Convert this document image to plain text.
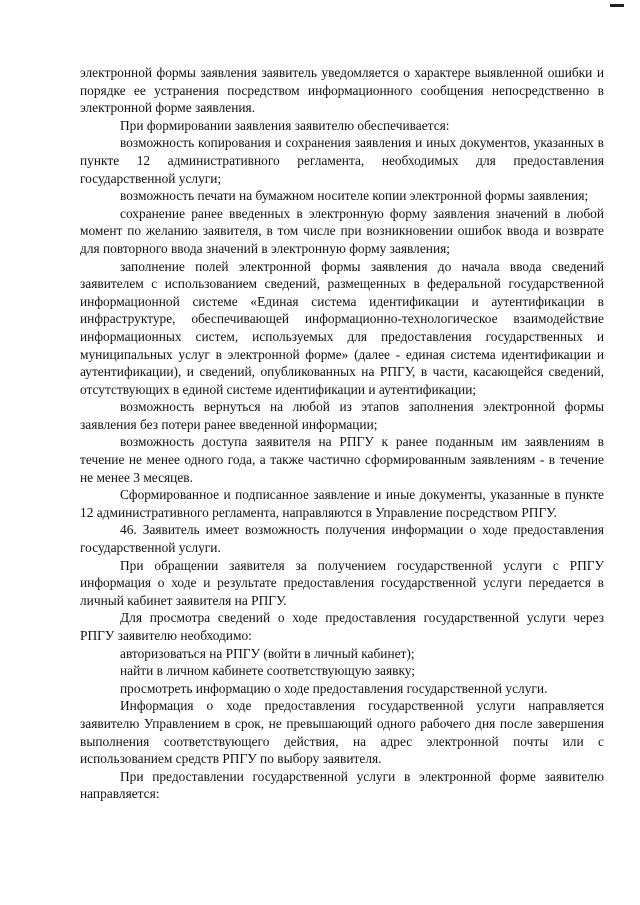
электронной формы заявления заявитель уведомляется о характере выявленной ошибки и порядке ее устранения посредством информационного сообщения непосредственно в электронной форме заявления.

При формировании заявления заявителю обеспечивается:

возможность копирования и сохранения заявления и иных документов, указанных в пункте 12 административного регламента, необходимых для предоставления государственной услуги;

возможность печати на бумажном носителе копии электронной формы заявления;

сохранение ранее введенных в электронную форму заявления значений в любой момент по желанию заявителя, в том числе при возникновении ошибок ввода и возврате для повторного ввода значений в электронную форму заявления;

заполнение полей электронной формы заявления до начала ввода сведений заявителем с использованием сведений, размещенных в федеральной государственной информационной системе «Единая система идентификации и аутентификации в инфраструктуре, обеспечивающей информационно-технологическое взаимодействие информационных систем, используемых для предоставления государственных и муниципальных услуг в электронной форме» (далее - единая система идентификации и аутентификации), и сведений, опубликованных на РПГУ, в части, касающейся сведений, отсутствующих в единой системе идентификации и аутентификации;

возможность вернуться на любой из этапов заполнения электронной формы заявления без потери ранее введенной информации;

возможность доступа заявителя на РПГУ к ранее поданным им заявлениям в течение не менее одного года, а также частично сформированным заявлениям - в течение не менее 3 месяцев.

Сформированное и подписанное заявление и иные документы, указанные в пункте 12 административного регламента, направляются в Управление посредством РПГУ.

46. Заявитель имеет возможность получения информации о ходе предоставления государственной услуги.

При обращении заявителя за получением государственной услуги с РПГУ информация о ходе и результате предоставления государственной услуги передается в личный кабинет заявителя на РПГУ.

Для просмотра сведений о ходе предоставления государственной услуги через РПГУ заявителю необходимо:

авторизоваться на РПГУ (войти в личный кабинет);

найти в личном кабинете соответствующую заявку;

просмотреть информацию о ходе предоставления государственной услуги.

Информация о ходе предоставления государственной услуги направляется заявителю Управлением в срок, не превышающий одного рабочего дня после завершения выполнения соответствующего действия, на адрес электронной почты или с использованием средств РПГУ по выбору заявителя.

При предоставлении государственной услуги в электронной форме заявителю направляется:
